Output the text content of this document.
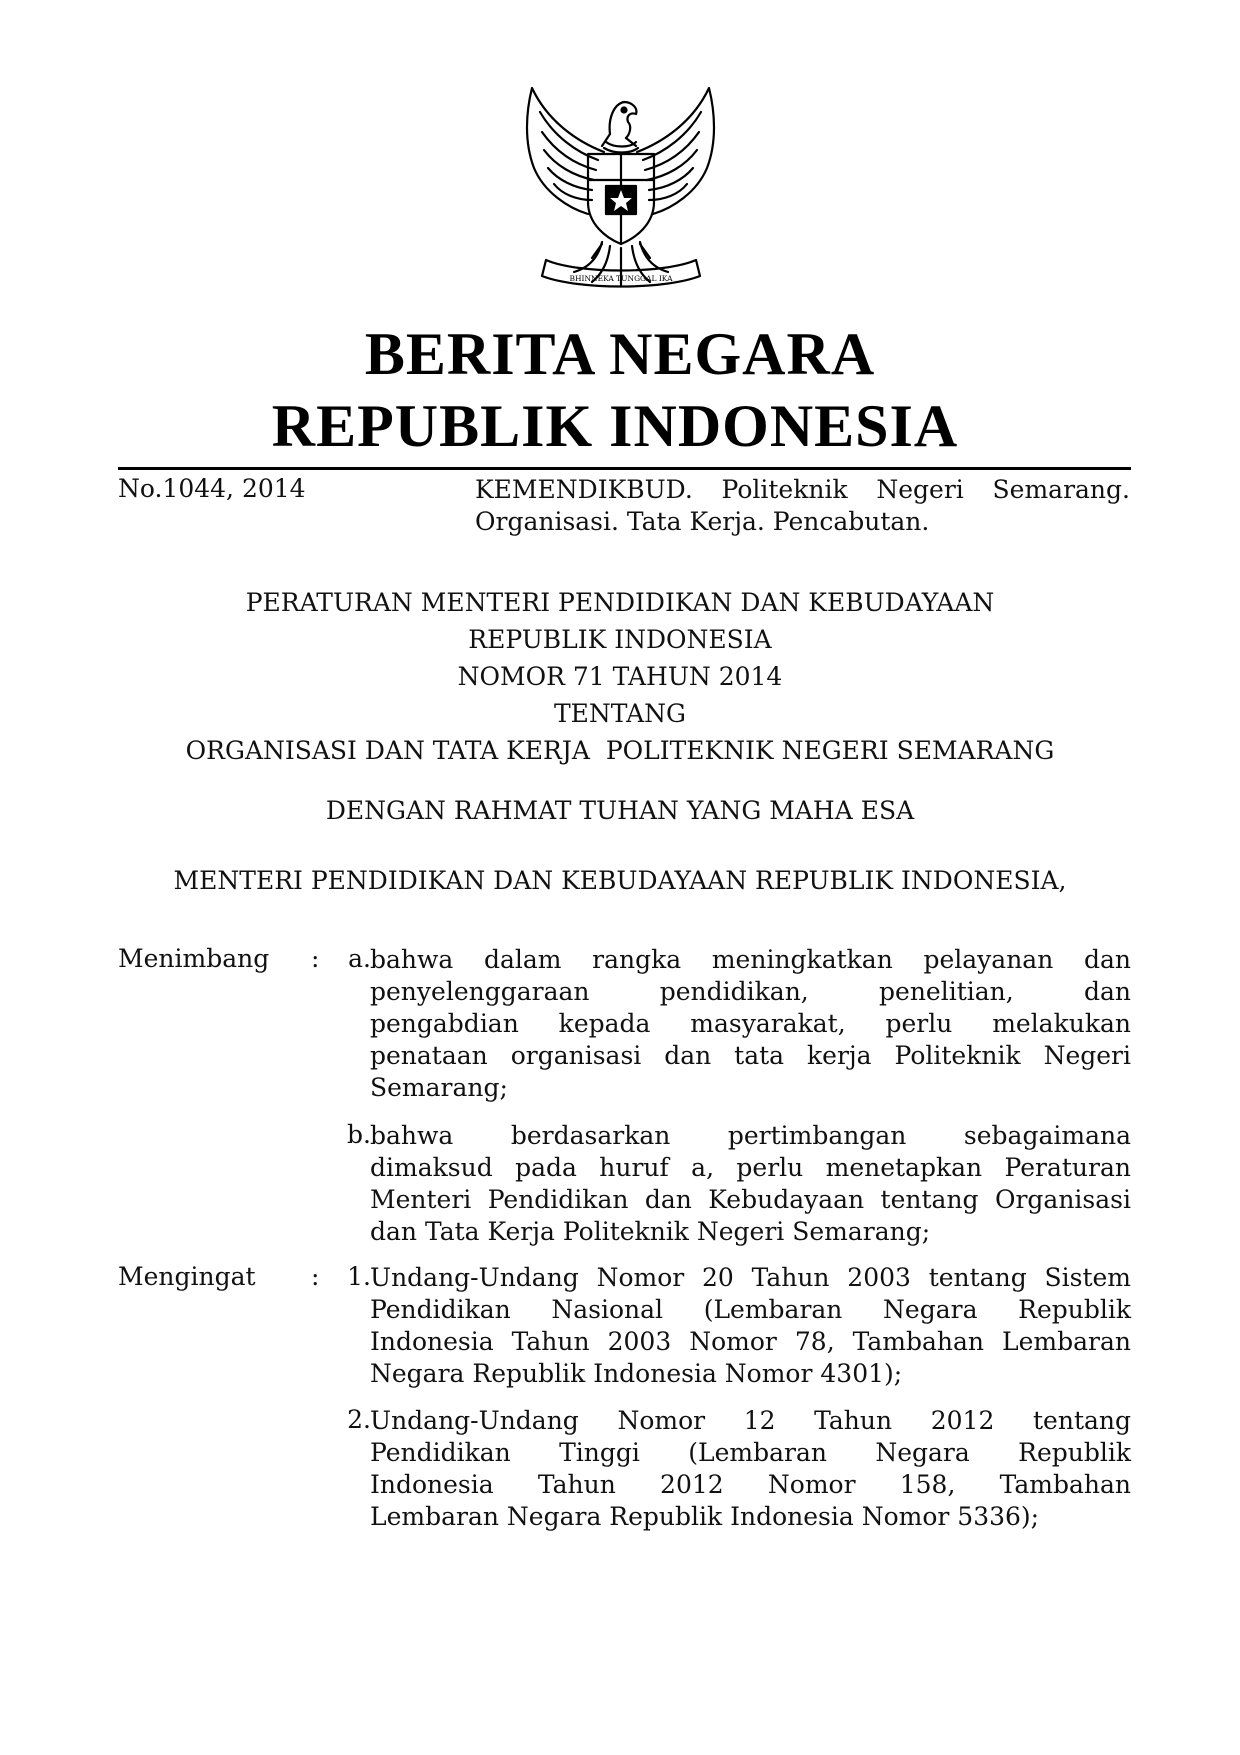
BHINNEKA TUNGGAL IKA
BERITA NEGARA
REPUBLIK INDONESIA
No.1044, 2014	KEMENDIKBUD. Politeknik Negeri Semarang.
Organisasi. Tata Kerja. Pencabutan.
PERATURAN MENTERI PENDIDIKAN DAN KEBUDAYAAN
REPUBLIK INDONESIA
NOMOR 71 TAHUN 2014
TENTANG
ORGANISASI DAN TATA KERJA  POLITEKNIK NEGERI SEMARANG
DENGAN RAHMAT TUHAN YANG MAHA ESA
MENTERI PENDIDIKAN DAN KEBUDAYAAN REPUBLIK INDONESIA,
Menimbang :	a. bahwa dalam rangka meningkatkan pelayanan dan
penyelenggaraan pendidikan, penelitian, dan
pengabdian kepada masyarakat, perlu melakukan
penataan organisasi dan tata kerja Politeknik Negeri
Semarang;
b. bahwa berdasarkan pertimbangan sebagaimana
dimaksud pada huruf a, perlu menetapkan Peraturan
Menteri Pendidikan dan Kebudayaan tentang Organisasi
dan Tata Kerja Politeknik Negeri Semarang;
Mengingat :	1. Undang-Undang Nomor 20 Tahun 2003 tentang Sistem
Pendidikan Nasional (Lembaran Negara Republik
Indonesia Tahun 2003 Nomor 78, Tambahan Lembaran
Negara Republik Indonesia Nomor 4301);
2. Undang-Undang Nomor 12 Tahun 2012 tentang
Pendidikan Tinggi (Lembaran Negara Republik
Indonesia Tahun 2012 Nomor 158, Tambahan
Lembaran Negara Republik Indonesia Nomor 5336);
